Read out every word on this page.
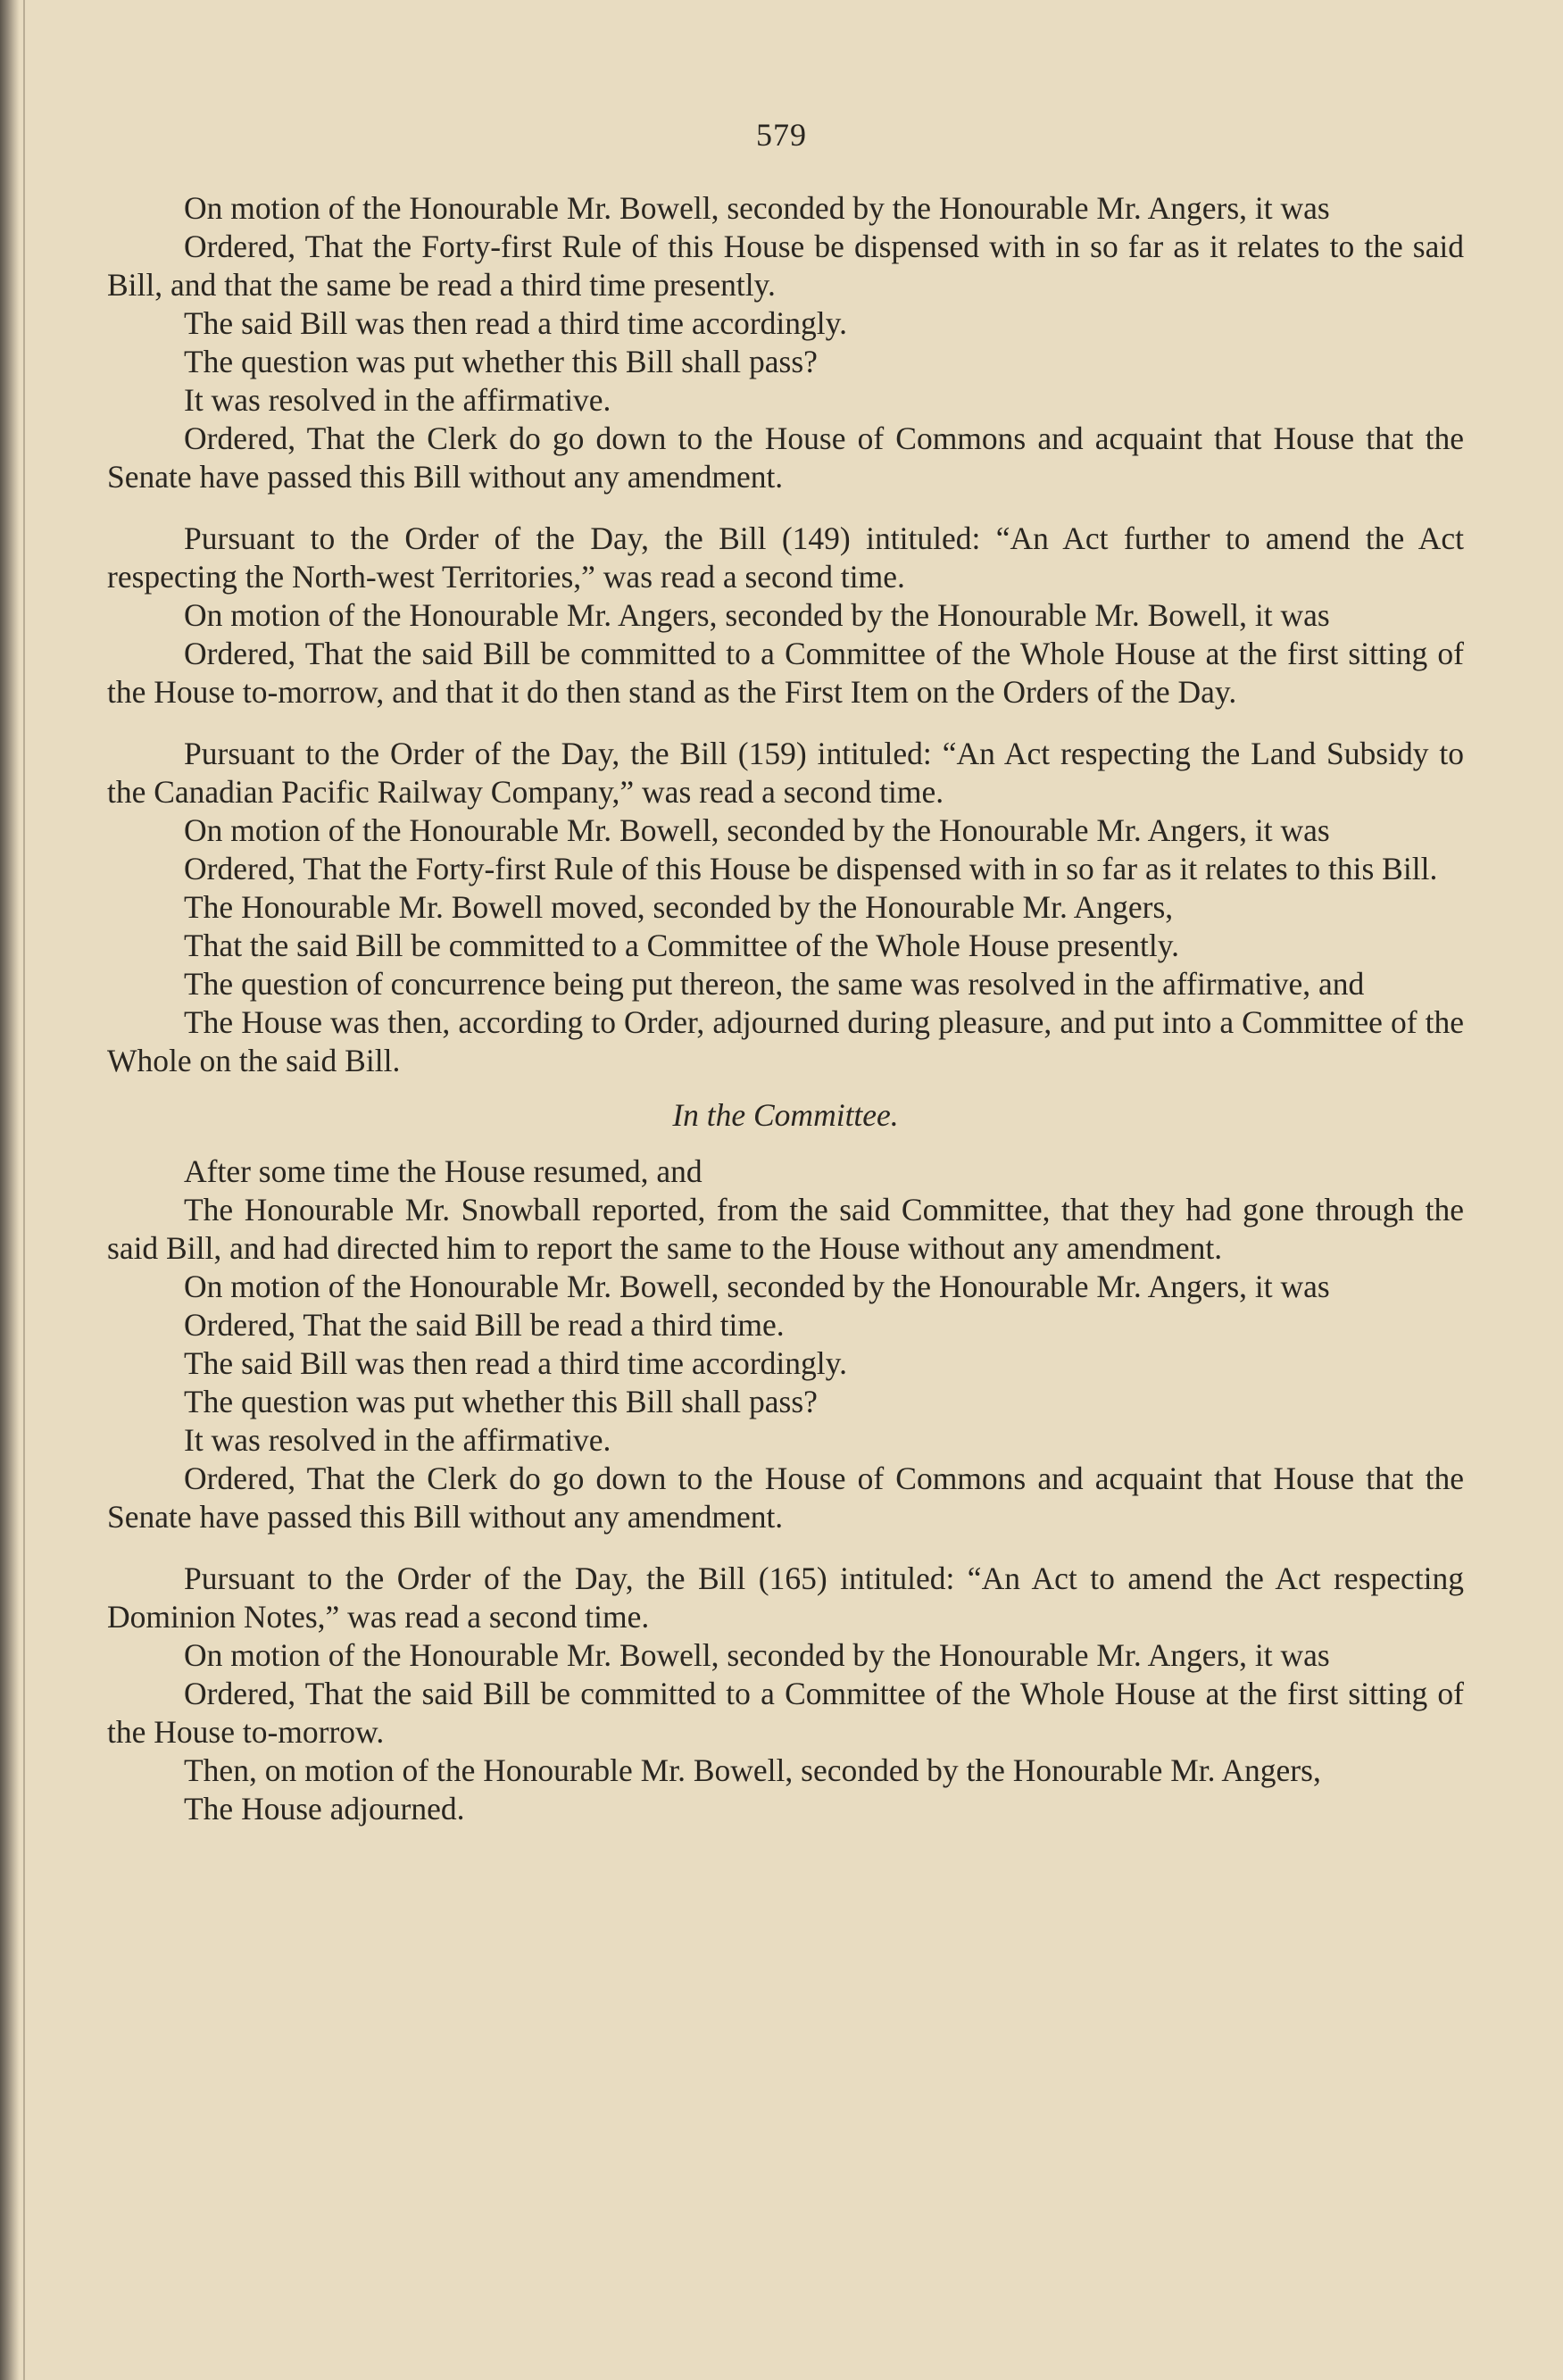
579

On motion of the Honourable Mr. Bowell, seconded by the Honourable Mr. Angers, it was

Ordered, That the Forty-first Rule of this House be dispensed with in so far as it relates to the said Bill, and that the same be read a third time presently.

The said Bill was then read a third time accordingly.

The question was put whether this Bill shall pass?

It was resolved in the affirmative.

Ordered, That the Clerk do go down to the House of Commons and acquaint that House that the Senate have passed this Bill without any amendment.

Pursuant to the Order of the Day, the Bill (149) intituled: “An Act further to amend the Act respecting the North-west Territories,” was read a second time.

On motion of the Honourable Mr. Angers, seconded by the Honourable Mr. Bowell, it was

Ordered, That the said Bill be committed to a Committee of the Whole House at the first sitting of the House to-morrow, and that it do then stand as the First Item on the Orders of the Day.

Pursuant to the Order of the Day, the Bill (159) intituled: “An Act respecting the Land Subsidy to the Canadian Pacific Railway Company,” was read a second time.

On motion of the Honourable Mr. Bowell, seconded by the Honourable Mr. Angers, it was

Ordered, That the Forty-first Rule of this House be dispensed with in so far as it relates to this Bill.

The Honourable Mr. Bowell moved, seconded by the Honourable Mr. Angers,

That the said Bill be committed to a Committee of the Whole House presently.

The question of concurrence being put thereon, the same was resolved in the affirmative, and

The House was then, according to Order, adjourned during pleasure, and put into a Committee of the Whole on the said Bill.

In the Committee.

After some time the House resumed, and

The Honourable Mr. Snowball reported, from the said Committee, that they had gone through the said Bill, and had directed him to report the same to the House without any amendment.

On motion of the Honourable Mr. Bowell, seconded by the Honourable Mr. Angers, it was

Ordered, That the said Bill be read a third time.

The said Bill was then read a third time accordingly.

The question was put whether this Bill shall pass?

It was resolved in the affirmative.

Ordered, That the Clerk do go down to the House of Commons and acquaint that House that the Senate have passed this Bill without any amendment.

Pursuant to the Order of the Day, the Bill (165) intituled: “An Act to amend the Act respecting Dominion Notes,” was read a second time.

On motion of the Honourable Mr. Bowell, seconded by the Honourable Mr. Angers, it was

Ordered, That the said Bill be committed to a Committee of the Whole House at the first sitting of the House to-morrow.

Then, on motion of the Honourable Mr. Bowell, seconded by the Honourable Mr. Angers,

The House adjourned.
